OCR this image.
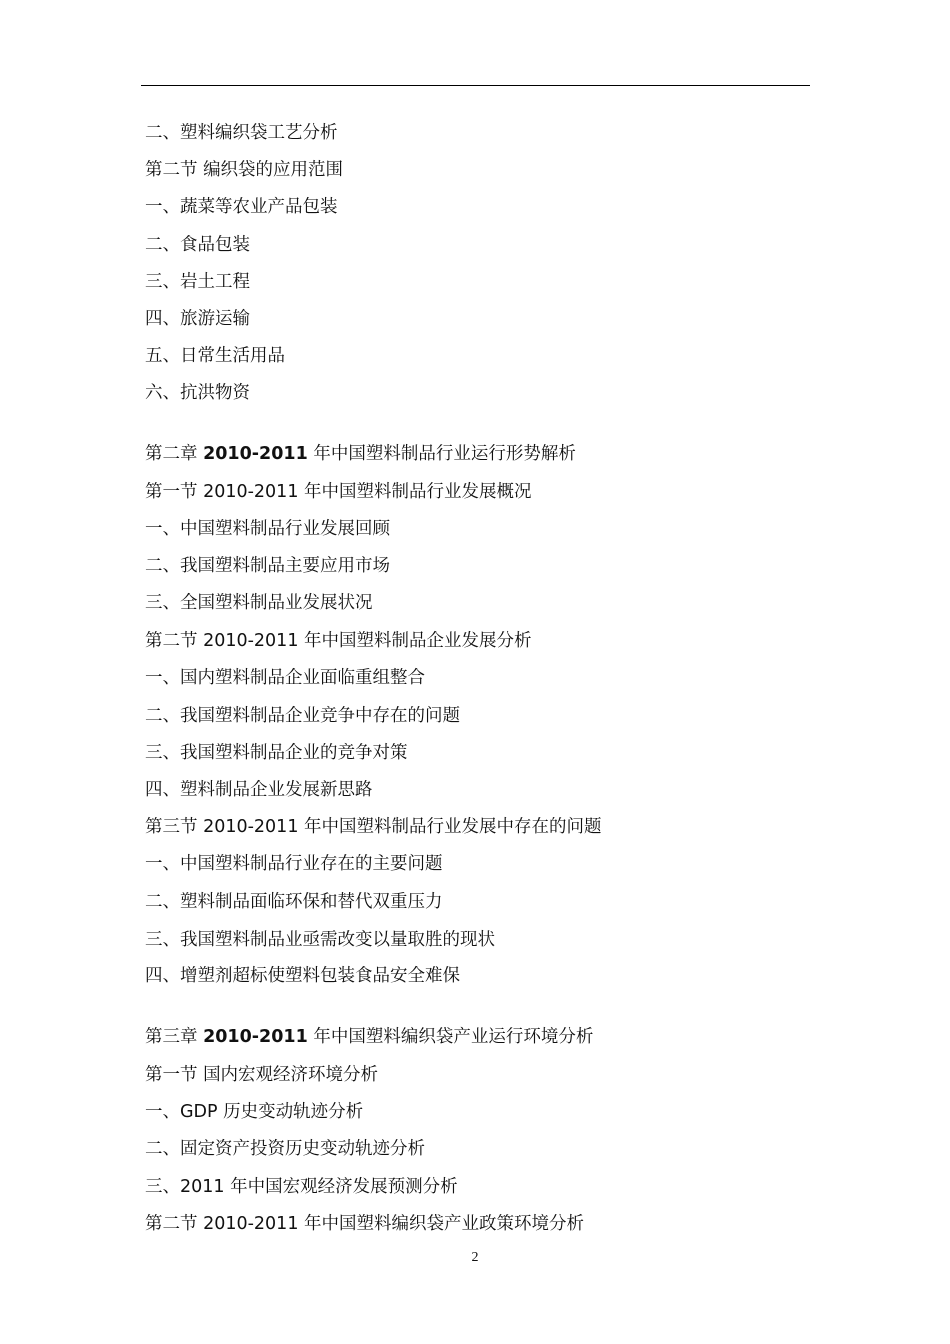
二、塑料编织袋工艺分析
第二节 编织袋的应用范围
一、蔬菜等农业产品包装
二、食品包装
三、岩土工程
四、旅游运输
五、日常生活用品
六、抗洪物资
第二章 2010-2011 年中国塑料制品行业运行形势解析
第一节 2010-2011 年中国塑料制品行业发展概况
一、中国塑料制品行业发展回顾
二、我国塑料制品主要应用市场
三、全国塑料制品业发展状况
第二节 2010-2011 年中国塑料制品企业发展分析
一、国内塑料制品企业面临重组整合
二、我国塑料制品企业竞争中存在的问题
三、我国塑料制品企业的竞争对策
四、塑料制品企业发展新思路
第三节 2010-2011 年中国塑料制品行业发展中存在的问题
一、中国塑料制品行业存在的主要问题
二、塑料制品面临环保和替代双重压力
三、我国塑料制品业亟需改变以量取胜的现状
四、增塑剂超标使塑料包装食品安全难保
第三章 2010-2011 年中国塑料编织袋产业运行环境分析
第一节 国内宏观经济环境分析
一、GDP 历史变动轨迹分析
二、固定资产投资历史变动轨迹分析
三、2011 年中国宏观经济发展预测分析
第二节 2010-2011 年中国塑料编织袋产业政策环境分析
2
